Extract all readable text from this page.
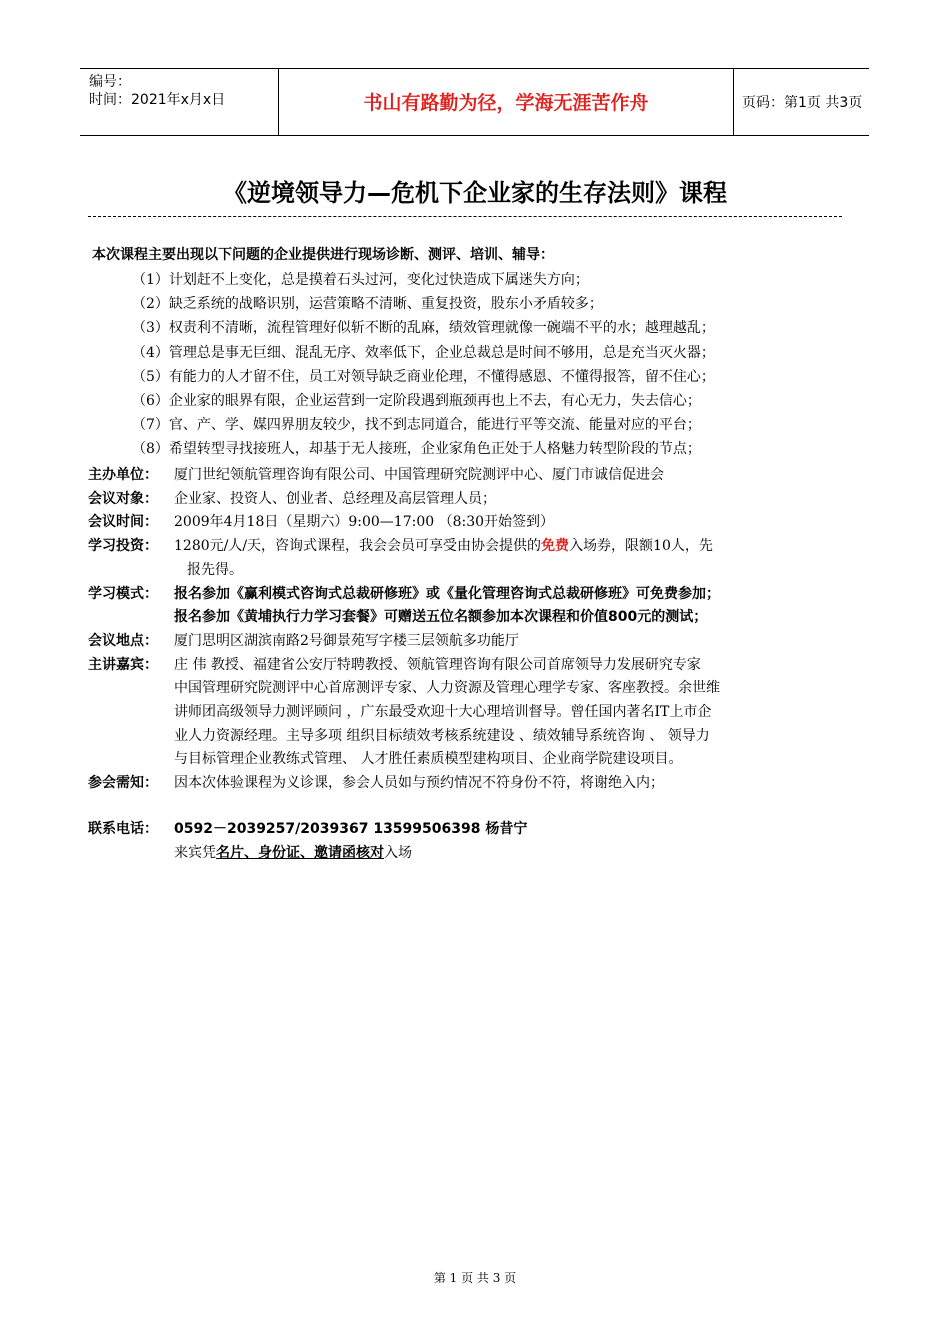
编号：
时间：2021年x月x日	书山有路勤为径，学海无涯苦作舟	页码：第1页 共3页
《逆境领导力—危机下企业家的生存法则》课程
本次课程主要出现以下问题的企业提供进行现场诊断、测评、培训、辅导：
（1）计划赶不上变化，总是摸着石头过河，变化过快造成下属迷失方向；
（2）缺乏系统的战略识别，运营策略不清晰、重复投资，股东小矛盾较多；
（3）权责利不清晰，流程管理好似斩不断的乱麻，绩效管理就像一碗端不平的水；越理越乱；
（4）管理总是事无巨细、混乱无序、效率低下，企业总裁总是时间不够用，总是充当灭火器；
（5）有能力的人才留不住，员工对领导缺乏商业伦理，不懂得感恩、不懂得报答，留不住心；
（6）企业家的眼界有限，企业运营到一定阶段遇到瓶颈再也上不去，有心无力，失去信心；
（7）官、产、学、媒四界朋友较少，找不到志同道合，能进行平等交流、能量对应的平台；
（8）希望转型寻找接班人，却基于无人接班，企业家角色正处于人格魅力转型阶段的节点；
主办单位：	厦门世纪领航管理咨询有限公司、中国管理研究院测评中心、厦门市诚信促进会
会议对象：	企业家、投资人、创业者、总经理及高层管理人员；
会议时间：	2009年4月18日（星期六）9:00—17:00 （8:30开始签到）
学习投资：	1280元/人/天，咨询式课程，我会会员可享受由协会提供的免费入场券，限额10人，先
报先得。
学习模式：	报名参加《赢利模式咨询式总裁研修班》或《量化管理咨询式总裁研修班》可免费参加；
报名参加《黄埔执行力学习套餐》可赠送五位名额参加本次课程和价值800元的测试；
会议地点：	厦门思明区湖滨南路2号御景苑写字楼三层领航多功能厅
主讲嘉宾：	庄 伟 教授、福建省公安厅特聘教授、领航管理咨询有限公司首席领导力发展研究专家
中国管理研究院测评中心首席测评专家、人力资源及管理心理学专家、客座教授。余世维
讲师团高级领导力测评顾问 ，广东最受欢迎十大心理培训督导。曾任国内著名IT上市企
业人力资源经理。主导多项 组织目标绩效考核系统建设 、绩效辅导系统咨询 、 领导力
与目标管理企业教练式管理、 人才胜任素质模型建构项目、企业商学院建设项目。
参会需知：	因本次体验课程为义诊课，参会人员如与预约情况不符身份不符，将谢绝入内；
联系电话：	0592－2039257/2039367 13599506398 杨昔宁
来宾凭名片、身份证、邀请函核对入场
第 1 页 共 3 页
